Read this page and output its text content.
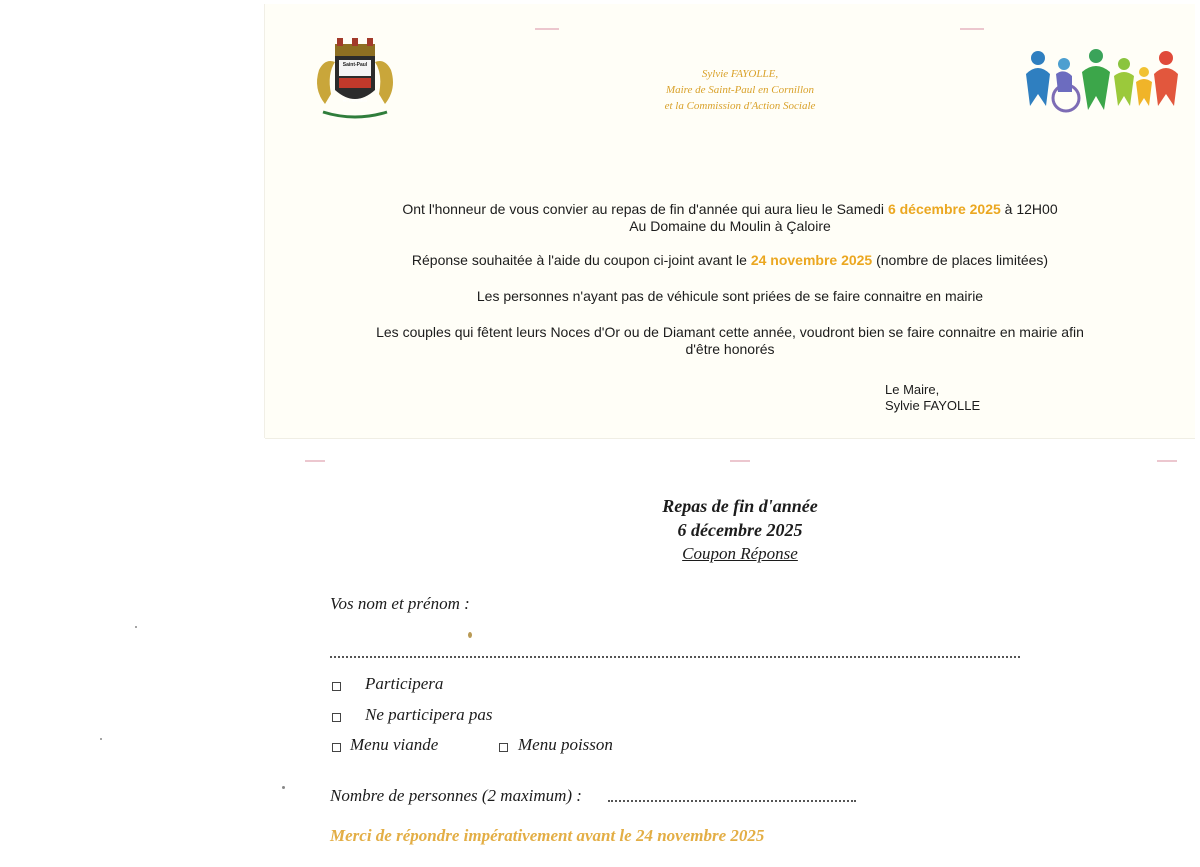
Saint-Paul
en Cornillon
Sylvie FAYOLLE,
Maire de Saint-Paul en Cornillon
et la Commission d'Action Sociale

Ont l'honneur de vous convier au repas de fin d'année qui aura lieu le Samedi 6 décembre 2025 à 12H00

Au Domaine du Moulin à Çaloire

Réponse souhaitée à l'aide du coupon ci-joint avant le 24 novembre 2025 (nombre de places limitées)

Les personnes n'ayant pas de véhicule sont priées de se faire connaitre en mairie

Les couples qui fêtent leurs Noces d'Or ou de Diamant cette année, voudront bien se faire connaitre en mairie afin

d'être honorés

Le Maire,
Sylvie FAYOLLE
Repas de fin d'année
6 décembre 2025
Coupon Réponse
Vos nom et prénom :
Participera
Ne participera pas
Menu viande	Menu poisson
Nombre de personnes (2 maximum) :
Merci de répondre impérativement avant le 24 novembre 2025
